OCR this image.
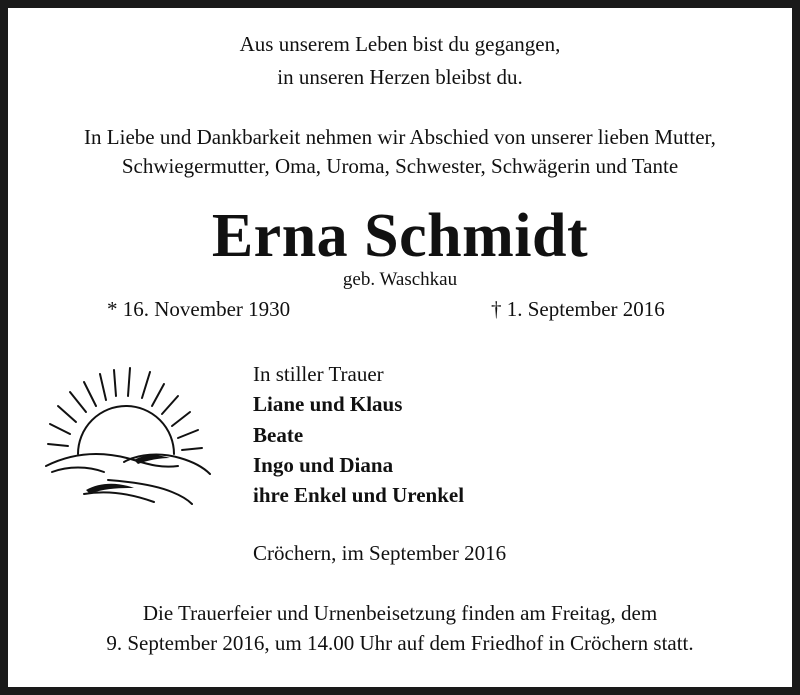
Aus unserem Leben bist du gegangen,
in unseren Herzen bleibst du.
In Liebe und Dankbarkeit nehmen wir Abschied von unserer lieben Mutter,
Schwiegermutter, Oma, Uroma, Schwester, Schwägerin und Tante
Erna Schmidt
geb. Waschkau
* 16. November 1930	† 1. September 2016
In stiller Trauer
Liane und Klaus
Beate
Ingo und Diana
ihre Enkel und Urenkel
Cröchern, im September 2016
Die Trauerfeier und Urnenbeisetzung finden am Freitag, dem
9. September 2016, um 14.00 Uhr auf dem Friedhof in Cröchern statt.
